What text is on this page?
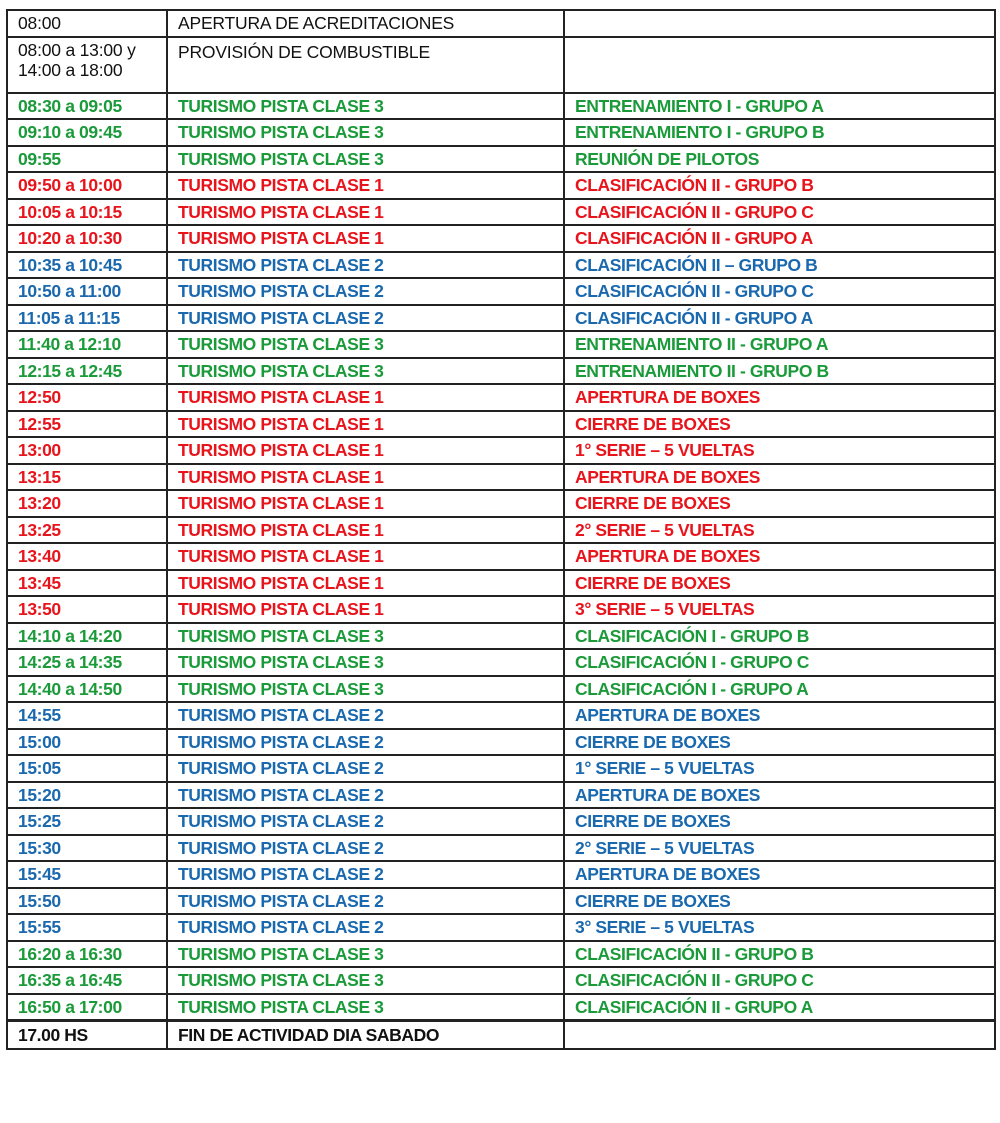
08:00	APERTURA DE ACREDITACIONES	
08:00 a 13:00 y 14:00 a 18:00	PROVISIÓN DE COMBUSTIBLE	
08:30 a 09:05	TURISMO PISTA CLASE 3	ENTRENAMIENTO I - GRUPO A
09:10 a 09:45	TURISMO PISTA CLASE 3	ENTRENAMIENTO I - GRUPO B
09:55	TURISMO PISTA CLASE 3	REUNIÓN DE PILOTOS
09:50 a 10:00	TURISMO PISTA CLASE 1	CLASIFICACIÓN II - GRUPO B
10:05 a 10:15	TURISMO PISTA CLASE 1	CLASIFICACIÓN II - GRUPO C
10:20 a 10:30	TURISMO PISTA CLASE 1	CLASIFICACIÓN II - GRUPO A
10:35 a 10:45	TURISMO PISTA CLASE 2	CLASIFICACIÓN II – GRUPO B
10:50 a 11:00	TURISMO PISTA CLASE 2	CLASIFICACIÓN II - GRUPO C
11:05 a 11:15	TURISMO PISTA CLASE 2	CLASIFICACIÓN II - GRUPO A
11:40 a 12:10	TURISMO PISTA CLASE 3	ENTRENAMIENTO II - GRUPO A
12:15 a 12:45	TURISMO PISTA CLASE 3	ENTRENAMIENTO II - GRUPO B
12:50	TURISMO PISTA CLASE 1	APERTURA DE BOXES
12:55	TURISMO PISTA CLASE 1	CIERRE DE BOXES
13:00	TURISMO PISTA CLASE 1	1° SERIE – 5 VUELTAS
13:15	TURISMO PISTA CLASE 1	APERTURA DE BOXES
13:20	TURISMO PISTA CLASE 1	CIERRE DE BOXES
13:25	TURISMO PISTA CLASE 1	2° SERIE – 5 VUELTAS
13:40	TURISMO PISTA CLASE 1	APERTURA DE BOXES
13:45	TURISMO PISTA CLASE 1	CIERRE DE BOXES
13:50	TURISMO PISTA CLASE 1	3° SERIE – 5 VUELTAS
14:10 a 14:20	TURISMO PISTA CLASE 3	CLASIFICACIÓN I - GRUPO B
14:25 a 14:35	TURISMO PISTA CLASE 3	CLASIFICACIÓN I - GRUPO C
14:40 a 14:50	TURISMO PISTA CLASE 3	CLASIFICACIÓN I - GRUPO A
14:55	TURISMO PISTA CLASE 2	APERTURA DE BOXES
15:00	TURISMO PISTA CLASE 2	CIERRE DE BOXES
15:05	TURISMO PISTA CLASE 2	1° SERIE – 5 VUELTAS
15:20	TURISMO PISTA CLASE 2	APERTURA DE BOXES
15:25	TURISMO PISTA CLASE 2	CIERRE DE BOXES
15:30	TURISMO PISTA CLASE 2	2° SERIE – 5 VUELTAS
15:45	TURISMO PISTA CLASE 2	APERTURA DE BOXES
15:50	TURISMO PISTA CLASE 2	CIERRE DE BOXES
15:55	TURISMO PISTA CLASE 2	3° SERIE – 5 VUELTAS
16:20 a 16:30	TURISMO PISTA CLASE 3	CLASIFICACIÓN II - GRUPO B
16:35 a 16:45	TURISMO PISTA CLASE 3	CLASIFICACIÓN II - GRUPO C
16:50 a 17:00	TURISMO PISTA CLASE 3	CLASIFICACIÓN II - GRUPO A
17.00 HS	FIN DE ACTIVIDAD DIA SABADO	
